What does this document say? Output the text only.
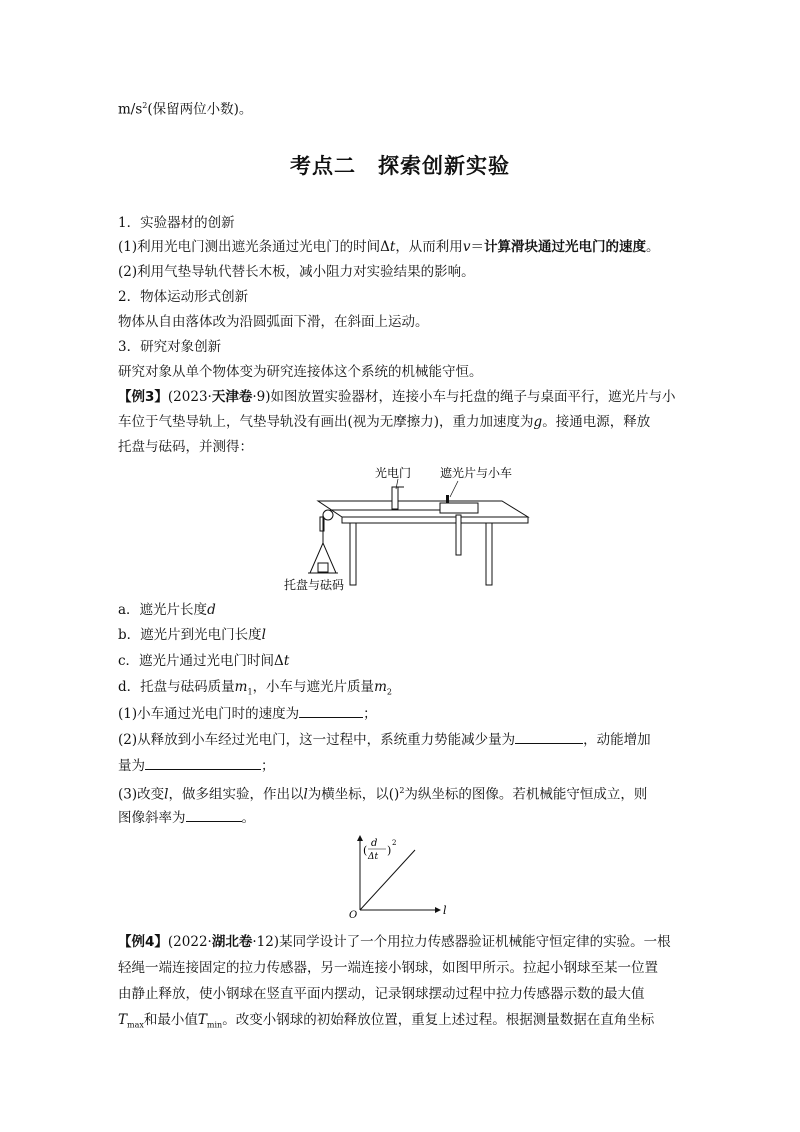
$m/s^2$(保留两位小数)。
考点二　探索创新实验
1．实验器材的创新
(1)利用光电门测出遮光条通过光电门的时间Δt，从而利用v＝计算滑块通过光电门的速度。
(2)利用气垫导轨代替长木板，减小阻力对实验结果的影响。
2．物体运动形式创新
物体从自由落体改为沿圆弧面下滑，在斜面上运动。
3．研究对象创新
研究对象从单个物体变为研究连接体这个系统的机械能守恒。
【例3】(2023·天津卷·9)如图放置实验器材，连接小车与托盘的绳子与桌面平行，遮光片与小
车位于气垫导轨上，气垫导轨没有画出(视为无摩擦力)，重力加速度为g。接通电源，释放
托盘与砝码，并测得：
光电门 遮光片与小车
托盘与砝码
a．遮光片长度d
b．遮光片到光电门长度l
c．遮光片通过光电门时间Δt
d．托盘与砝码质量$m_1$，小车与遮光片质量$m_2$
(1)小车通过光电门时的速度为	；
(2)从释放到小车经过光电门，这一过程中，系统重力势能减少量为	，动能增加
量为	；
(3)改变l，做多组实验，作出以l为横坐标，以()$^2$为纵坐标的图像。若机械能守恒成立，则
图像斜率为	。
(
d
Δt )
2
O	l
【例4】(2022·湖北卷·12)某同学设计了一个用拉力传感器验证机械能守恒定律的实验。一根
轻绳一端连接固定的拉力传感器，另一端连接小钢球，如图甲所示。拉起小钢球至某一位置
由静止释放，使小钢球在竖直平面内摆动，记录钢球摆动过程中拉力传感器示数的最大值
$T_{max}$和最小值$T_{min}$。改变小钢球的初始释放位置，重复上述过程。根据测量数据在直角坐标
